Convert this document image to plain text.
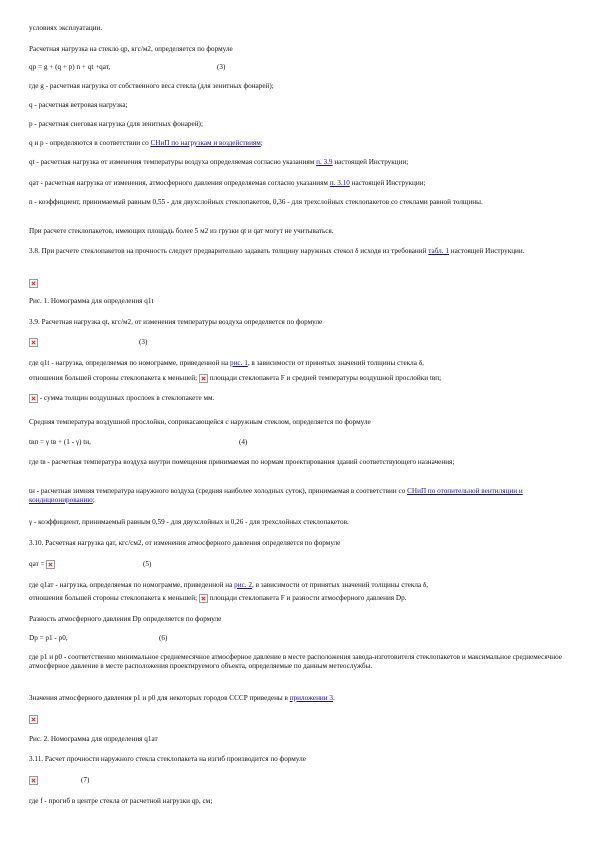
условиях эксплуатации.
Расчетная нагрузка на стекло qр, кгс/м2, определяется по формуле
qр = g + (q + р) n + qt +qат,	(3)
где g - расчетная нагрузка от собственного веса стекла (для зенитных фонарей);
q - расчетная ветровая нагрузка;
р - расчетная снеговая нагрузка (для зенитных фонарей);
q и р - определяются в соответствии со СНиП по нагрузкам и воздействиям;
qt - расчетная нагрузка от изменения температуры воздуха определяемая согласно указаниям п. 3.9 настоящей Инструкции;
qат - расчетная нагрузка от изменения, атмосферного давления определяемая согласно указаниям п. 3.10 настоящей Инструкции;
n - коэффициент, принимаемый равным 0,55 - для двухслойных стеклопакетов, 0,36 - для трехслойных стеклопакетов со стеклами равной толщины.
При расчете стеклопакетов, имеющих площадь более 5 м2 из грузки qt и qат могут не учитываться.
3.8. При расчете стеклопакетов на прочность следует предварительно задавать толщину наружных стекол δ исходя из требований табл. 1 настоящей Инструкции.
Рис. 1. Номограмма для определения q1t
3.9. Расчетная нагрузка qt, кгс/м2, от изменения температуры воздуха определяется по формуле
(3)
где q1t - нагрузка, определяемая по номограмме, приведенной на рис. 1, в зависимости от принятых значений толщины стекла δ,
отношения большей стороны стеклопакета к меньшей;  площади стеклопакета F и средней температуры воздушной прослойки tвп;
- сумма толщин воздушных прослоек в стеклопакете мм.
Средняя температура воздушной прослойки, соприкасающейся с наружным стеклом, определяется по формуле
tвп = γ tв + (1 - γ) tн,	(4)
где tв - расчетная температура воздуха внутри помещения принимаемая по нормам проектирования зданий соответствующего назначения;
tн - расчетная зимняя температура наружного воздуха (средняя наиболее холодных суток), принимаемая в соответствии со СНиП по отопительной вентиляции и кондиционированию;
γ - коэффициент, принимаемый равным 0,59 - для двухслойных и 0,26 - для трехслойных стеклопакетов.
3.10. Расчетная нагрузка qат, кгс/см2, от изменения атмосферного давления определяется по формуле
qат =	(5)
где q1ат - нагрузка, определяемая по номограмме, приведенной на рис. 2, в зависимости от принятых значений толщины стекла δ,
отношения большей стороны стеклопакета к меньшей;  площади стеклопакета F и разности атмосферного давления Dр.
Разность атмосферного давления Dр определяется по формуле
Dр = р1 - р0,	(6)
где р1 и р0 - соответственно минимальное среднемесячное атмосферное давление в месте расположения завода-изготовителя стеклопакетов и максимальное среднемесячное атмосферное давление в месте расположения проектируемого объекта, определяемые по данным метеослужбы.
Значения атмосферного давления р1 и р0 для некоторых городов СССР приведены в приложении 3.
Рис. 2. Номограмма для определения q1ат
3.11. Расчет прочности наружного стекла стеклопакета на изгиб производится по формуле
(7)
где f - прогиб в центре стекла от расчетной нагрузки qр, см;
